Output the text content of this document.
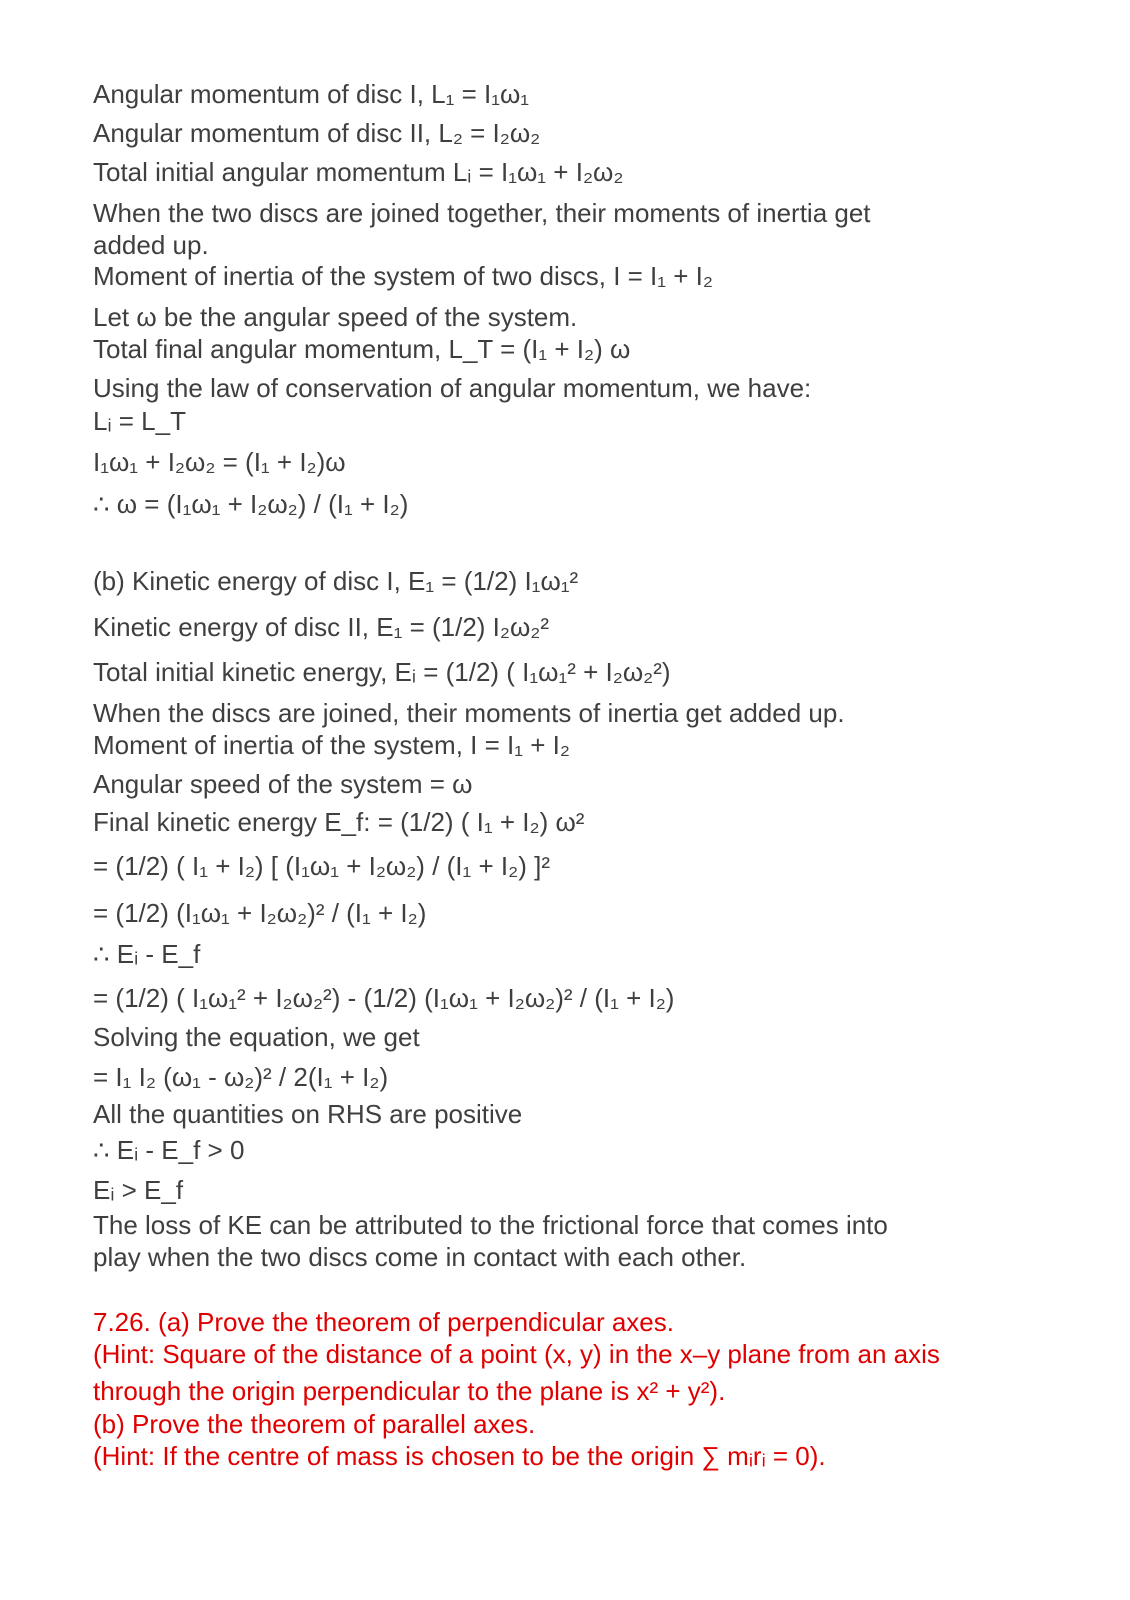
Angular momentum of disc I, L₁ = I₁ω₁
Angular momentum of disc II, L₂ = I₂ω₂
Total initial angular momentum Lᵢ = I₁ω₁ + I₂ω₂
When the two discs are joined together, their moments of inertia get
added up.
Moment of inertia of the system of two discs, I = I₁ + I₂
Let ω be the angular speed of the system.
Total final angular momentum, L_T = (I₁ + I₂) ω
Using the law of conservation of angular momentum, we have:
Lᵢ = L_T
I₁ω₁ + I₂ω₂ = (I₁ + I₂)ω
∴ ω = (I₁ω₁ + I₂ω₂) / (I₁ + I₂)
(b) Kinetic energy of disc I, E₁ = (1/2) I₁ω₁²
Kinetic energy of disc II, E₁ = (1/2) I₂ω₂²
Total initial kinetic energy, Eᵢ = (1/2) ( I₁ω₁² + I₂ω₂²)
When the discs are joined, their moments of inertia get added up.
Moment of inertia of the system, I = I₁ + I₂
Angular speed of the system = ω
Final kinetic energy E_f: = (1/2) ( I₁ + I₂) ω²
= (1/2) ( I₁ + I₂) [ (I₁ω₁ + I₂ω₂) / (I₁ + I₂) ]²
= (1/2) (I₁ω₁ + I₂ω₂)² / (I₁ + I₂)
∴ Eᵢ - E_f
= (1/2) ( I₁ω₁² + I₂ω₂²) - (1/2) (I₁ω₁ + I₂ω₂)² / (I₁ + I₂)
Solving the equation, we get
= I₁ I₂ (ω₁ - ω₂)² / 2(I₁ + I₂)
All the quantities on RHS are positive
∴ Eᵢ - E_f > 0
Eᵢ > E_f
The loss of KE can be attributed to the frictional force that comes into
play when the two discs come in contact with each other.
7.26. (a) Prove the theorem of perpendicular axes.
(Hint: Square of the distance of a point (x, y) in the x–y plane from an axis
through the origin perpendicular to the plane is x² + y²).
(b) Prove the theorem of parallel axes.
(Hint: If the centre of mass is chosen to be the origin ∑ mᵢrᵢ = 0).
